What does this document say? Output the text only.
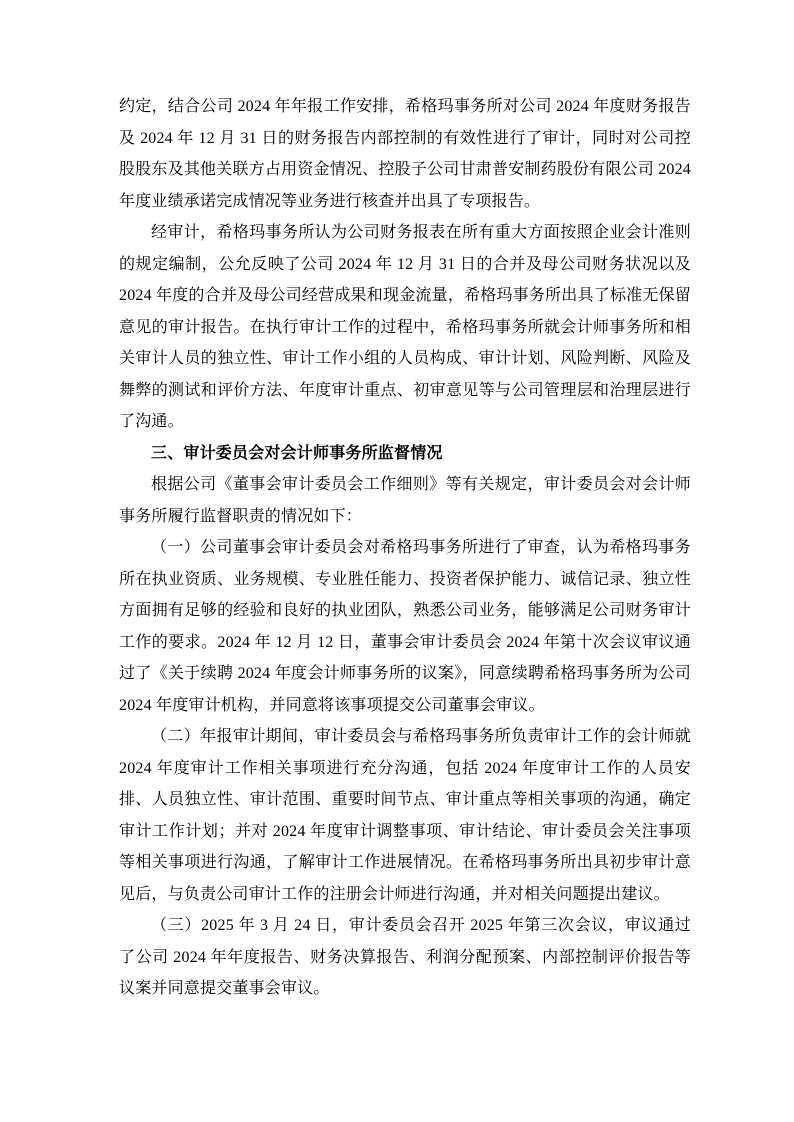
约定，结合公司 2024 年年报工作安排，希格玛事务所对公司 2024 年度财务报告及 2024 年 12 月 31 日的财务报告内部控制的有效性进行了审计，同时对公司控股股东及其他关联方占用资金情况、控股子公司甘肃普安制药股份有限公司 2024 年度业绩承诺完成情况等业务进行核查并出具了专项报告。

经审计，希格玛事务所认为公司财务报表在所有重大方面按照企业会计准则的规定编制，公允反映了公司 2024 年 12 月 31 日的合并及母公司财务状况以及 2024 年度的合并及母公司经营成果和现金流量，希格玛事务所出具了标准无保留意见的审计报告。在执行审计工作的过程中，希格玛事务所就会计师事务所和相关审计人员的独立性、审计工作小组的人员构成、审计计划、风险判断、风险及舞弊的测试和评价方法、年度审计重点、初审意见等与公司管理层和治理层进行了沟通。

三、审计委员会对会计师事务所监督情况

根据公司《董事会审计委员会工作细则》等有关规定，审计委员会对会计师事务所履行监督职责的情况如下：

（一）公司董事会审计委员会对希格玛事务所进行了审查，认为希格玛事务所在执业资质、业务规模、专业胜任能力、投资者保护能力、诚信记录、独立性方面拥有足够的经验和良好的执业团队，熟悉公司业务，能够满足公司财务审计工作的要求。2024 年 12 月 12 日，董事会审计委员会 2024 年第十次会议审议通过了《关于续聘 2024 年度会计师事务所的议案》，同意续聘希格玛事务所为公司 2024 年度审计机构，并同意将该事项提交公司董事会审议。

（二）年报审计期间，审计委员会与希格玛事务所负责审计工作的会计师就 2024 年度审计工作相关事项进行充分沟通，包括 2024 年度审计工作的人员安排、人员独立性、审计范围、重要时间节点、审计重点等相关事项的沟通，确定审计工作计划；并对 2024 年度审计调整事项、审计结论、审计委员会关注事项等相关事项进行沟通，了解审计工作进展情况。在希格玛事务所出具初步审计意见后，与负责公司审计工作的注册会计师进行沟通，并对相关问题提出建议。

（三）2025 年 3 月 24 日，审计委员会召开 2025 年第三次会议，审议通过了公司 2024 年年度报告、财务决算报告、利润分配预案、内部控制评价报告等议案并同意提交董事会审议。
